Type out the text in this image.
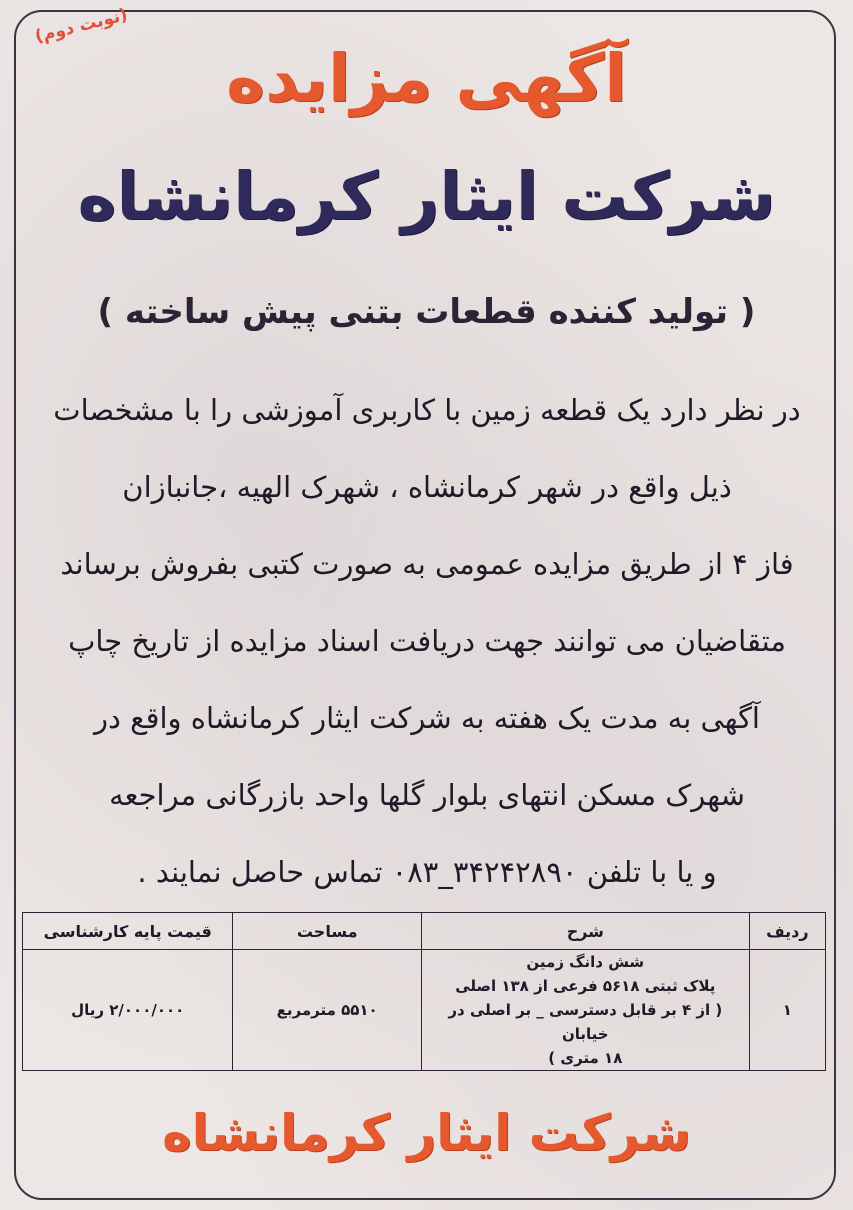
(نوبت دوم)
آگهی مزایده
شرکت ایثار کرمانشاه
( تولید کننده قطعات بتنی پیش ساخته )
در نظر دارد یک قطعه زمین با کاربری آموزشی را با مشخصات
ذیل واقع در شهر کرمانشاه ، شهرک الهیه ،جانبازان
فاز ۴ از طریق مزایده عمومی به صورت کتبی بفروش برساند
متقاضیان می توانند جهت دریافت اسناد مزایده از تاریخ چاپ
آگهی به مدت یک هفته به شرکت ایثار کرمانشاه واقع در
شهرک مسکن انتهای بلوار گلها واحد بازرگانی مراجعه
و یا با تلفن ۳۴۲۴۲۸۹۰_۰۸۳ تماس حاصل نمایند .
ردیف	شرح	مساحت	قیمت پایه کارشناسی
۱	شش دانگ زمین
پلاک ثبتی ۵۶۱۸ فرعی از ۱۳۸ اصلی
( از ۴ بر قابل دسترسی _ بر اصلی در خیابان
۱۸ متری )	۵۵۱۰ مترمربع	۲/۰۰۰/۰۰۰ ریال
شرکت ایثار کرمانشاه
